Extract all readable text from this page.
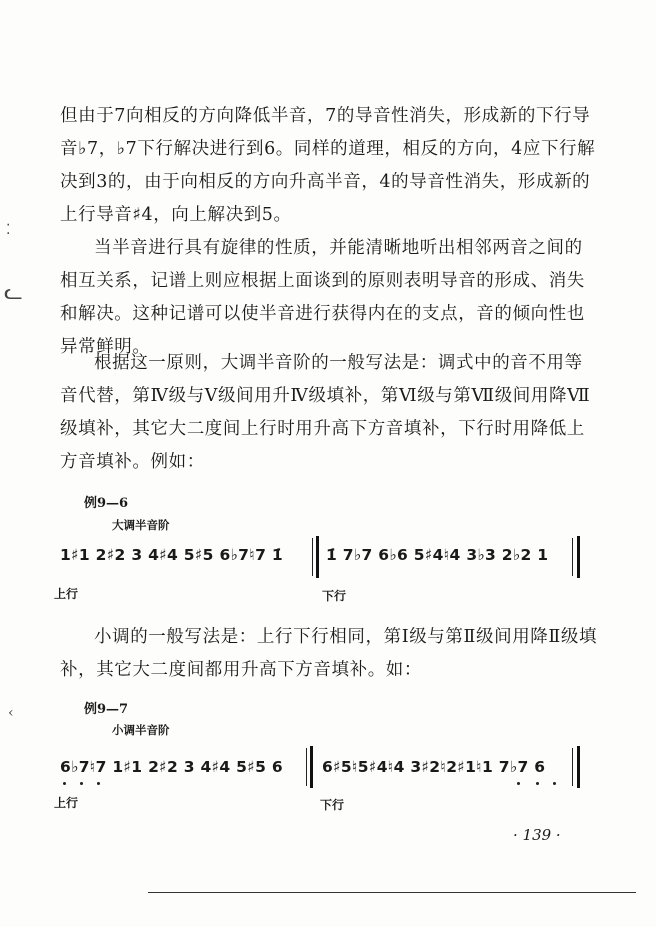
但由于7向相反的方向降低半音，7的导音性消失，形成新的下行导音♭7，♭7下行解决进行到6。同样的道理，相反的方向，4应下行解决到3的，由于向相反的方向升高半音，4的导音性消失，形成新的上行导音♯4，向上解决到5。

当半音进行具有旋律的性质，并能清晰地听出相邻两音之间的相互关系，记谱上则应根据上面谈到的原则表明导音的形成、消失和解决。这种记谱可以使半音进行获得内在的支点，音的倾向性也异常鲜明。

根据这一原则，大调半音阶的一般写法是：调式中的音不用等音代替，第Ⅳ级与Ⅴ级间用升Ⅳ级填补，第Ⅵ级与第Ⅶ级间用降Ⅶ级填补，其它大二度间上行时用升高下方音填补，下行时用降低上方音填补。例如：

例9—6
大调半音阶
1♯1 2♯2 3 4♯4 5♯5 6♭7♮7 1̇	1̇ 7♭7 6♭6 5♯4♮4 3♭3 2♭2 1
上行	下行

小调的一般写法是：上行下行相同，第Ⅰ级与第Ⅱ级间用降Ⅱ级填补，其它大二度间都用升高下方音填补。如：

例9—7
小调半音阶
6♭7♮7 1♯1 2♯2 3 4♯4 5♯5 6	6♯5♮5♯4♮4 3♯2♮2♯1♮1 7♭7 6
上行	下行
· 139 ·
⁚
ᓚ
‹
